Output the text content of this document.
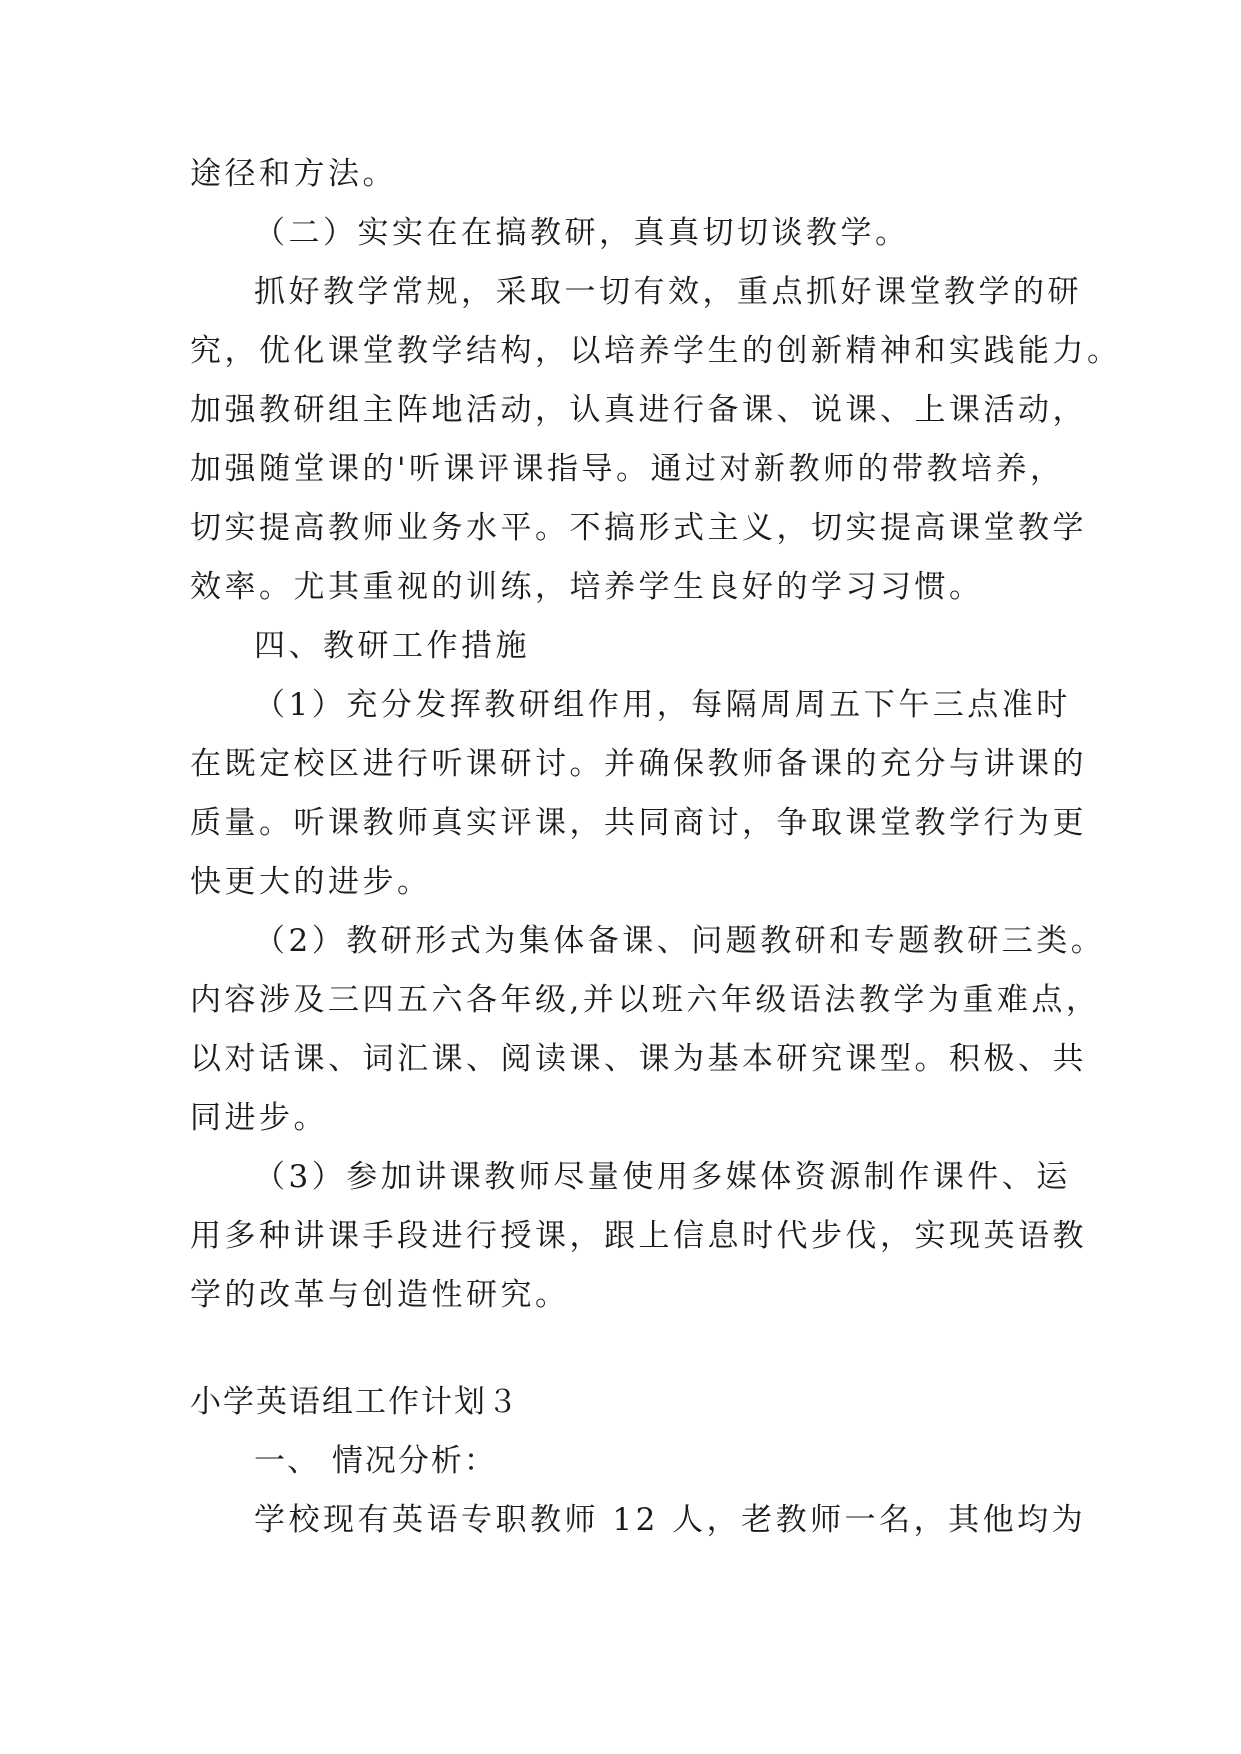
途径和方法。

（二）实实在在搞教研，真真切切谈教学。

抓好教学常规，采取一切有效，重点抓好课堂教学的研

究，优化课堂教学结构，以培养学生的创新精神和实践能力。

加强教研组主阵地活动，认真进行备课、说课、上课活动，

加强随堂课的'听课评课指导。通过对新教师的带教培养，

切实提高教师业务水平。不搞形式主义，切实提高课堂教学

效率。尤其重视的训练，培养学生良好的学习习惯。

四、教研工作措施

（1）充分发挥教研组作用，每隔周周五下午三点准时

在既定校区进行听课研讨。并确保教师备课的充分与讲课的

质量。听课教师真实评课，共同商讨，争取课堂教学行为更

快更大的进步。

（2）教研形式为集体备课、问题教研和专题教研三类。

内容涉及三四五六各年级,并以班六年级语法教学为重难点，

以对话课、词汇课、阅读课、课为基本研究课型。积极、共

同进步。

（3）参加讲课教师尽量使用多媒体资源制作课件、运

用多种讲课手段进行授课，跟上信息时代步伐，实现英语教

学的改革与创造性研究。

小学英语组工作计划３

一、 情况分析：

学校现有英语专职教师 12 人，老教师一名，其他均为
